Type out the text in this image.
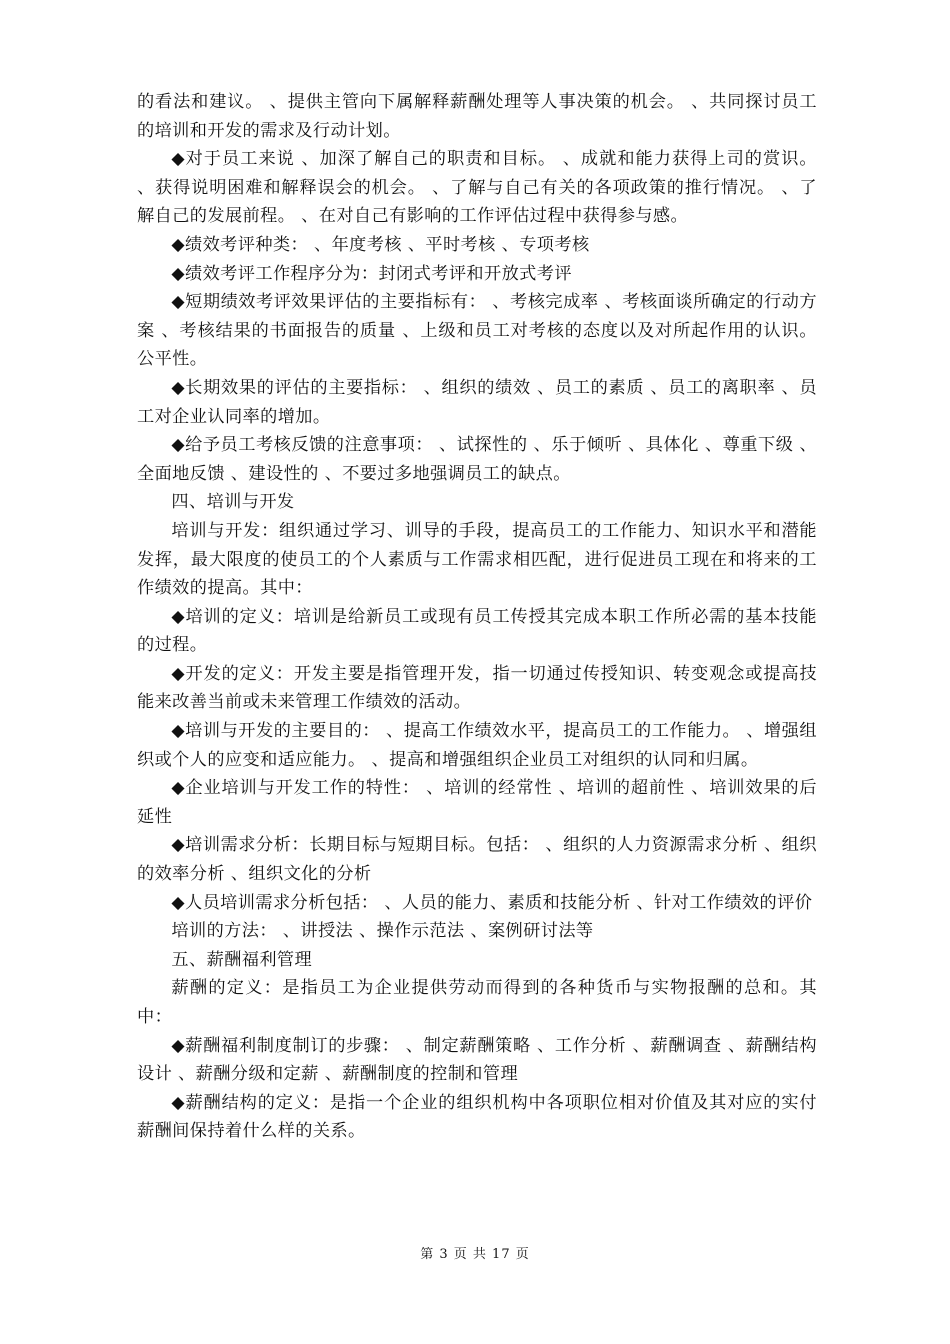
的看法和建议。 、提供主管向下属解释薪酬处理等人事决策的机会。 、共同探讨员工的培训和开发的需求及行动计划。

◆对于员工来说 、加深了解自己的职责和目标。 、成就和能力获得上司的赏识。 、获得说明困难和解释误会的机会。 、了解与自己有关的各项政策的推行情况。 、了解自己的发展前程。 、在对自己有影响的工作评估过程中获得参与感。

◆绩效考评种类： 、年度考核 、平时考核 、专项考核

◆绩效考评工作程序分为：封闭式考评和开放式考评

◆短期绩效考评效果评估的主要指标有： 、考核完成率 、考核面谈所确定的行动方案 、考核结果的书面报告的质量 、上级和员工对考核的态度以及对所起作用的认识。 公平性。

◆长期效果的评估的主要指标： 、组织的绩效 、员工的素质 、员工的离职率 、员工对企业认同率的增加。

◆给予员工考核反馈的注意事项： 、试探性的 、乐于倾听 、具体化 、尊重下级 、全面地反馈 、建设性的 、不要过多地强调员工的缺点。

四、培训与开发

培训与开发：组织通过学习、训导的手段，提高员工的工作能力、知识水平和潜能发挥，最大限度的使员工的个人素质与工作需求相匹配，进行促进员工现在和将来的工作绩效的提高。其中：

◆培训的定义：培训是给新员工或现有员工传授其完成本职工作所必需的基本技能的过程。

◆开发的定义：开发主要是指管理开发，指一切通过传授知识、转变观念或提高技能来改善当前或未来管理工作绩效的活动。

◆培训与开发的主要目的： 、提高工作绩效水平，提高员工的工作能力。 、增强组织或个人的应变和适应能力。 、提高和增强组织企业员工对组织的认同和归属。

◆企业培训与开发工作的特性： 、培训的经常性 、培训的超前性 、培训效果的后延性

◆培训需求分析：长期目标与短期目标。包括： 、组织的人力资源需求分析 、组织的效率分析 、组织文化的分析

◆人员培训需求分析包括： 、人员的能力、素质和技能分析 、针对工作绩效的评价

培训的方法： 、讲授法 、操作示范法 、案例研讨法等

五、薪酬福利管理

薪酬的定义：是指员工为企业提供劳动而得到的各种货币与实物报酬的总和。其中：

◆薪酬福利制度制订的步骤： 、制定薪酬策略 、工作分析 、薪酬调查 、薪酬结构设计 、薪酬分级和定薪 、薪酬制度的控制和管理

◆薪酬结构的定义：是指一个企业的组织机构中各项职位相对价值及其对应的实付薪酬间保持着什么样的关系。

第 3 页 共 17 页
